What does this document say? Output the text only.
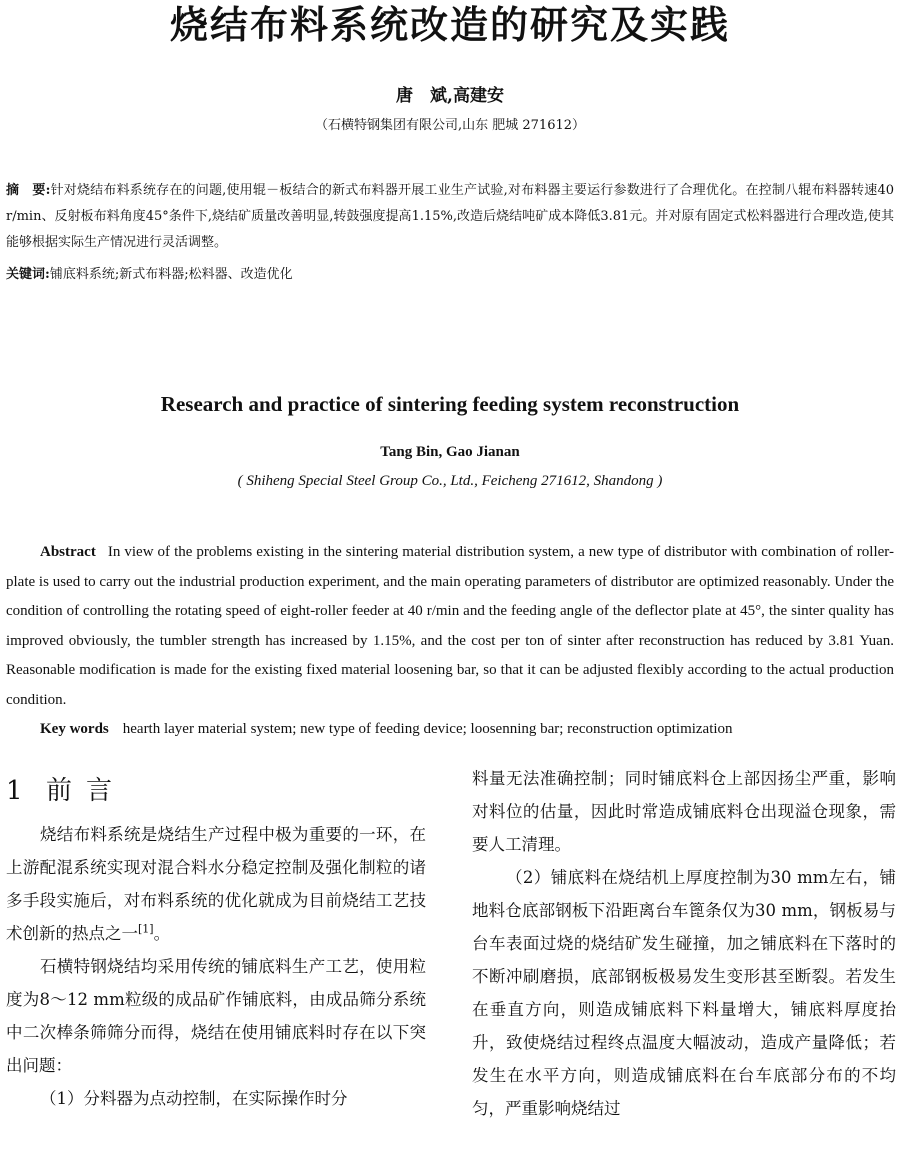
烧结布料系统改造的研究及实践
唐　斌,高建安
（石横特钢集团有限公司,山东 肥城 271612）
摘　要:针对烧结布料系统存在的问题,使用辊－板结合的新式布料器开展工业生产试验,对布料器主要运行参数进行了合理优化。在控制八辊布料器转速40 r/min、反射板布料角度45°条件下,烧结矿质量改善明显,转鼓强度提高1.15%,改造后烧结吨矿成本降低3.81元。并对原有固定式松料器进行合理改造,使其能够根据实际生产情况进行灵活调整。
关键词:铺底料系统;新式布料器;松料器、改造优化
Research and practice of sintering feeding system reconstruction
Tang Bin, Gao Jianan
( Shiheng Special Steel Group Co., Ltd., Feicheng 271612, Shandong )
Abstract In view of the problems existing in the sintering material distribution system, a new type of distributor with combination of roller-plate is used to carry out the industrial production experiment, and the main operating parameters of distributor are optimized reasonably. Under the condition of controlling the rotating speed of eight-roller feeder at 40 r/min and the feeding angle of the deflector plate at 45°, the sinter quality has improved obviously, the tumbler strength has increased by 1.15%, and the cost per ton of sinter after reconstruction has reduced by 3.81 Yuan. Reasonable modification is made for the existing fixed material loosening bar, so that it can be adjusted flexibly according to the actual production condition.
Key words hearth layer material system; new type of feeding device; loosenning bar; reconstruction optimization
1 前言

烧结布料系统是烧结生产过程中极为重要的一环，在上游配混系统实现对混合料水分稳定控制及强化制粒的诸多手段实施后，对布料系统的优化就成为目前烧结工艺技术创新的热点之一[1]。

石横特钢烧结均采用传统的铺底料生产工艺，使用粒度为8～12 mm粒级的成品矿作铺底料，由成品筛分系统中二次棒条筛筛分而得，烧结在使用铺底料时存在以下突出问题：

（1）分料器为点动控制，在实际操作时分

料量无法准确控制；同时铺底料仓上部因扬尘严重，影响对料位的估量，因此时常造成铺底料仓出现溢仓现象，需要人工清理。

（2）铺底料在烧结机上厚度控制为30 mm左右，铺地料仓底部钢板下沿距离台车篦条仅为30 mm，钢板易与台车表面过烧的烧结矿发生碰撞，加之铺底料在下落时的不断冲刷磨损，底部钢板极易发生变形甚至断裂。若发生在垂直方向，则造成铺底料下料量增大，铺底料厚度抬升，致使烧结过程终点温度大幅波动，造成产量降低；若发生在水平方向，则造成铺底料在台车底部分布的不均匀，严重影响烧结过
